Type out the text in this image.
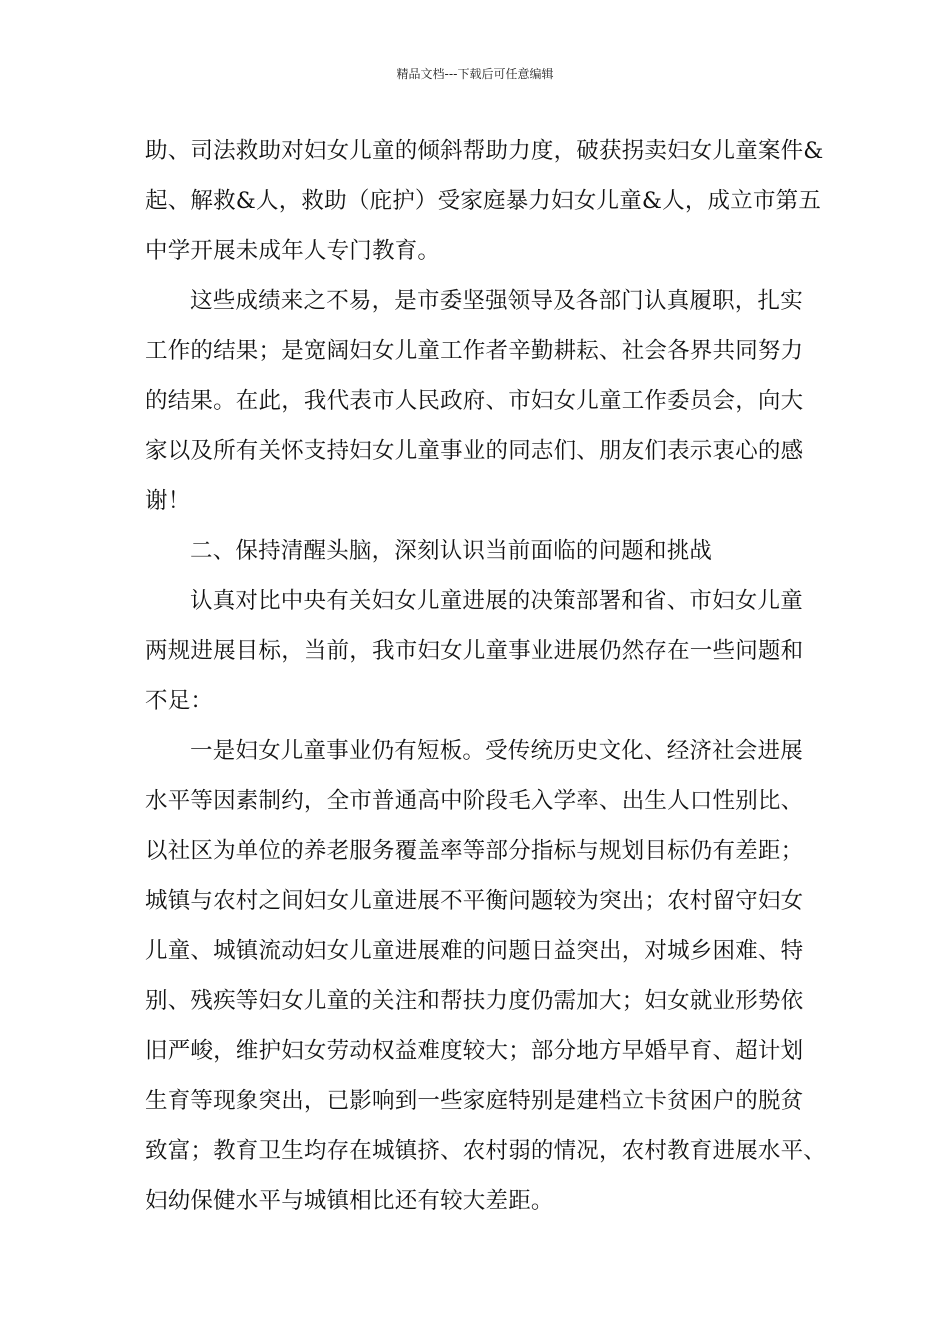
精品文档---下载后可任意编辑
助、司法救助对妇女儿童的倾斜帮助力度，破获拐卖妇女儿童案件&
起、解救&人，救助（庇护）受家庭暴力妇女儿童&人，成立市第五
中学开展未成年人专门教育。
这些成绩来之不易，是市委坚强领导及各部门认真履职，扎实
工作的结果；是宽阔妇女儿童工作者辛勤耕耘、社会各界共同努力
的结果。在此，我代表市人民政府、市妇女儿童工作委员会，向大
家以及所有关怀支持妇女儿童事业的同志们、朋友们表示衷心的感
谢！
二、保持清醒头脑，深刻认识当前面临的问题和挑战
认真对比中央有关妇女儿童进展的决策部署和省、市妇女儿童
两规进展目标，当前，我市妇女儿童事业进展仍然存在一些问题和
不足：
一是妇女儿童事业仍有短板。受传统历史文化、经济社会进展
水平等因素制约，全市普通高中阶段毛入学率、出生人口性别比、
以社区为单位的养老服务覆盖率等部分指标与规划目标仍有差距；
城镇与农村之间妇女儿童进展不平衡问题较为突出；农村留守妇女
儿童、城镇流动妇女儿童进展难的问题日益突出，对城乡困难、特
别、残疾等妇女儿童的关注和帮扶力度仍需加大；妇女就业形势依
旧严峻，维护妇女劳动权益难度较大；部分地方早婚早育、超计划
生育等现象突出，已影响到一些家庭特别是建档立卡贫困户的脱贫
致富；教育卫生均存在城镇挤、农村弱的情况，农村教育进展水平、
妇幼保健水平与城镇相比还有较大差距。
